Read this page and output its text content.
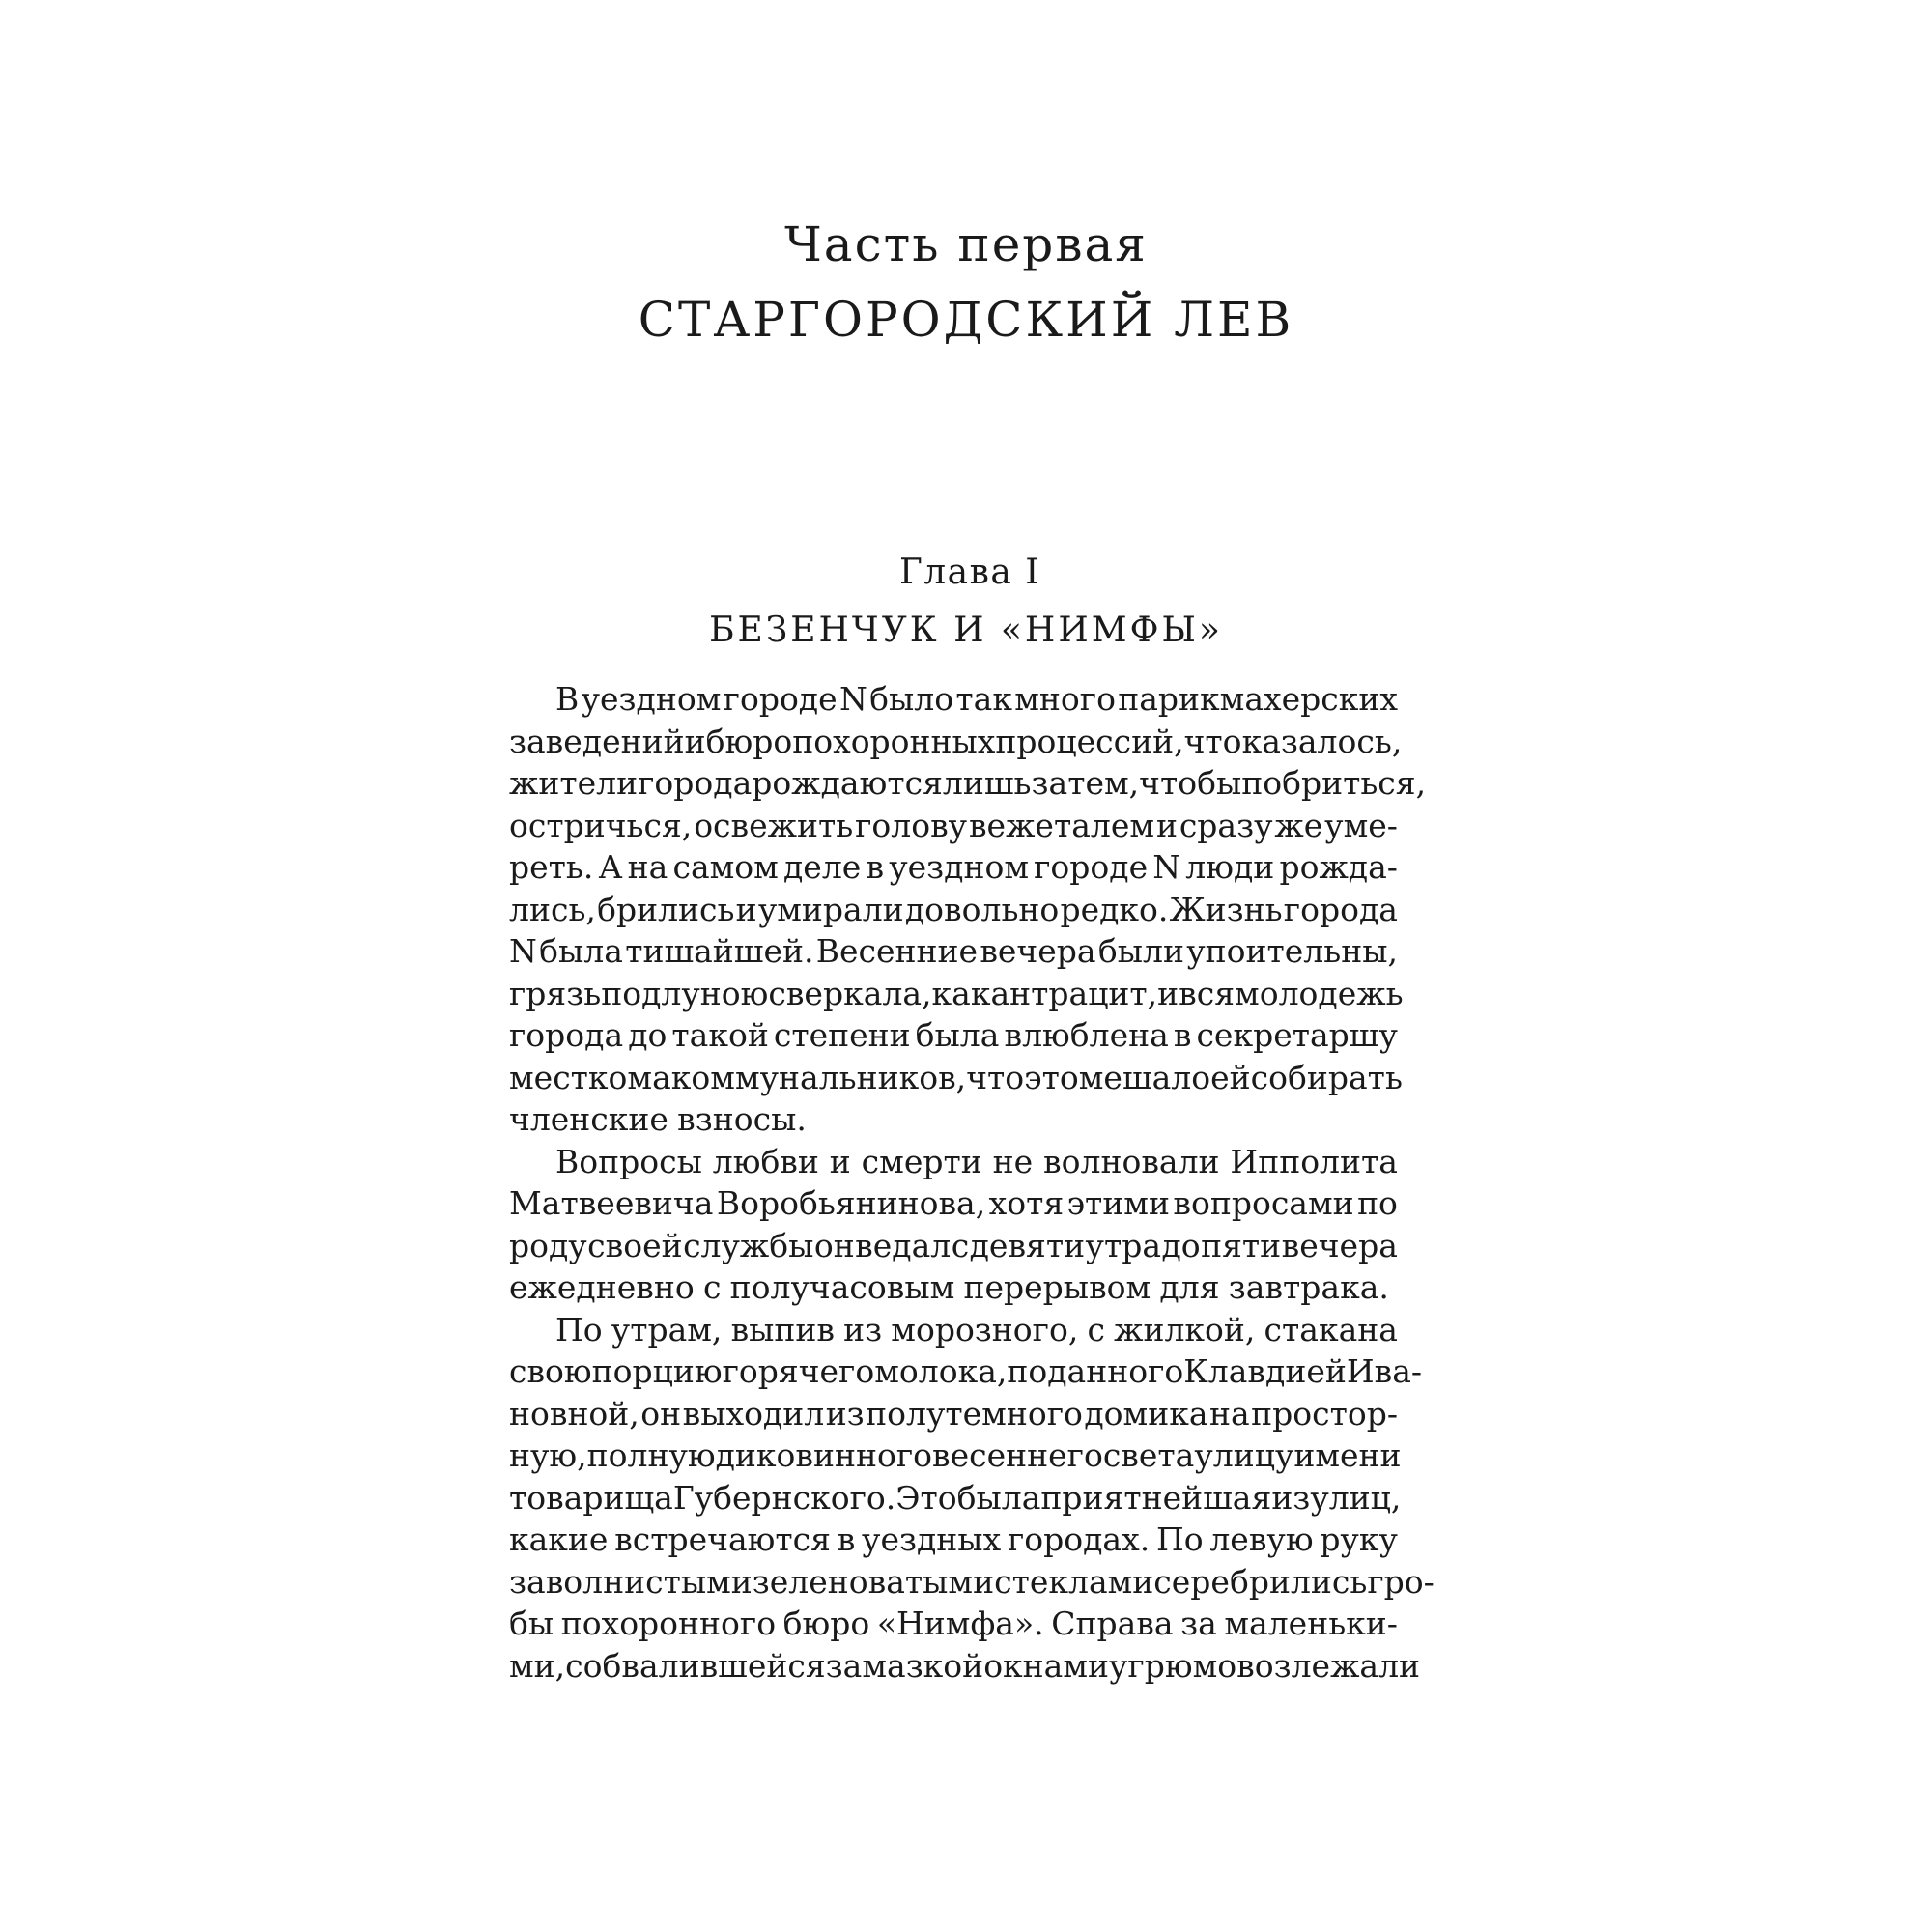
Часть первая
СТАРГОРОДСКИЙ ЛЕВ
Глава I
БЕЗЕНЧУК И «НИМФЫ»
В уездном городе N было так много парикмахерских
заведений и бюро похоронных процессий, что казалось,
жители города рождаются лишь затем, чтобы побриться,
остричься, освежить голову вежеталем и сразу же уме-
реть. А на самом деле в уездном городе N люди рожда-
лись, брились и умирали довольно редко. Жизнь города
N была тишайшей. Весенние вечера были упоительны,
грязь под луною сверкала, как антрацит, и вся молодежь
города до такой степени была влюблена в секретаршу
месткома коммунальников, что это мешало ей собирать
членские взносы.
Вопросы любви и смерти не волновали Ипполита
Матвеевича Воробьянинова, хотя этими вопросами по
роду своей службы он ведал с девяти утра до пяти вечера
ежедневно с получасовым перерывом для завтрака.
По утрам, выпив из морозного, с жилкой, стакана
свою порцию горячего молока, поданного Клавдией Ива-
новной, он выходил из полутемного домика на простор-
ную, полную диковинного весеннего света улицу имени
товарища Губернского. Это была приятнейшая из улиц,
какие встречаются в уездных городах. По левую руку
за волнистыми зеленоватыми стеклами серебрились гро-
бы похоронного бюро «Нимфа». Справа за маленьки-
ми, с обвалившейся замазкой окнами угрюмо возлежали
